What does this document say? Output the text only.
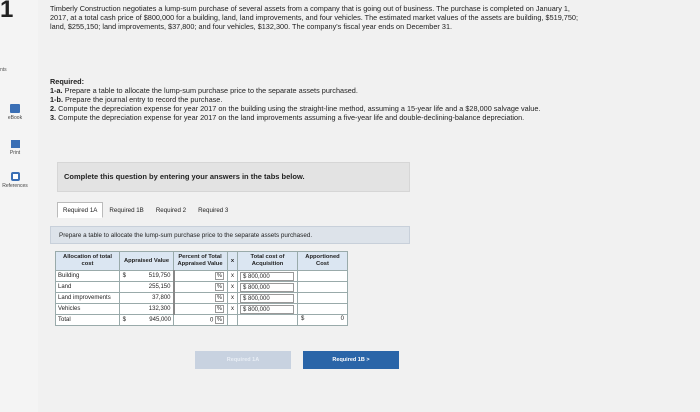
1
nts
eBook
Print
References
Timberly Construction negotiates a lump-sum purchase of several assets from a company that is going out of business. The purchase is completed on January 1, 2017, at a total cash price of $800,000 for a building, land, land improvements, and four vehicles. The estimated market values of the assets are building, $519,750; land, $255,150; land improvements, $37,800; and four vehicles, $132,300. The company's fiscal year ends on December 31.
Required:
1-a. Prepare a table to allocate the lump-sum purchase price to the separate assets purchased.
1-b. Prepare the journal entry to record the purchase.
2. Compute the depreciation expense for year 2017 on the building using the straight-line method, assuming a 15-year life and a $28,000 salvage value.
3. Compute the depreciation expense for year 2017 on the land improvements assuming a five-year life and double-declining-balance depreciation.
Complete this question by entering your answers in the tabs below.
Required 1A	Required 1B	Required 2	Required 3
Prepare a table to allocate the lump-sum purchase price to the separate assets purchased.
Allocation of total cost	Appraised Value		Percent of Total Appraised Value	x	Total cost of Acquisition	Apportioned Cost
Building	$	519,750	%	x	$ 800,000	
Land		255,150	%	x	$ 800,000	
Land improvements		37,800	%	x	$ 800,000	
Vehicles		132,300	%	x	$ 800,000	
Total	$	945,000	0 %			$ 0
Required 1A	Required 1B >
